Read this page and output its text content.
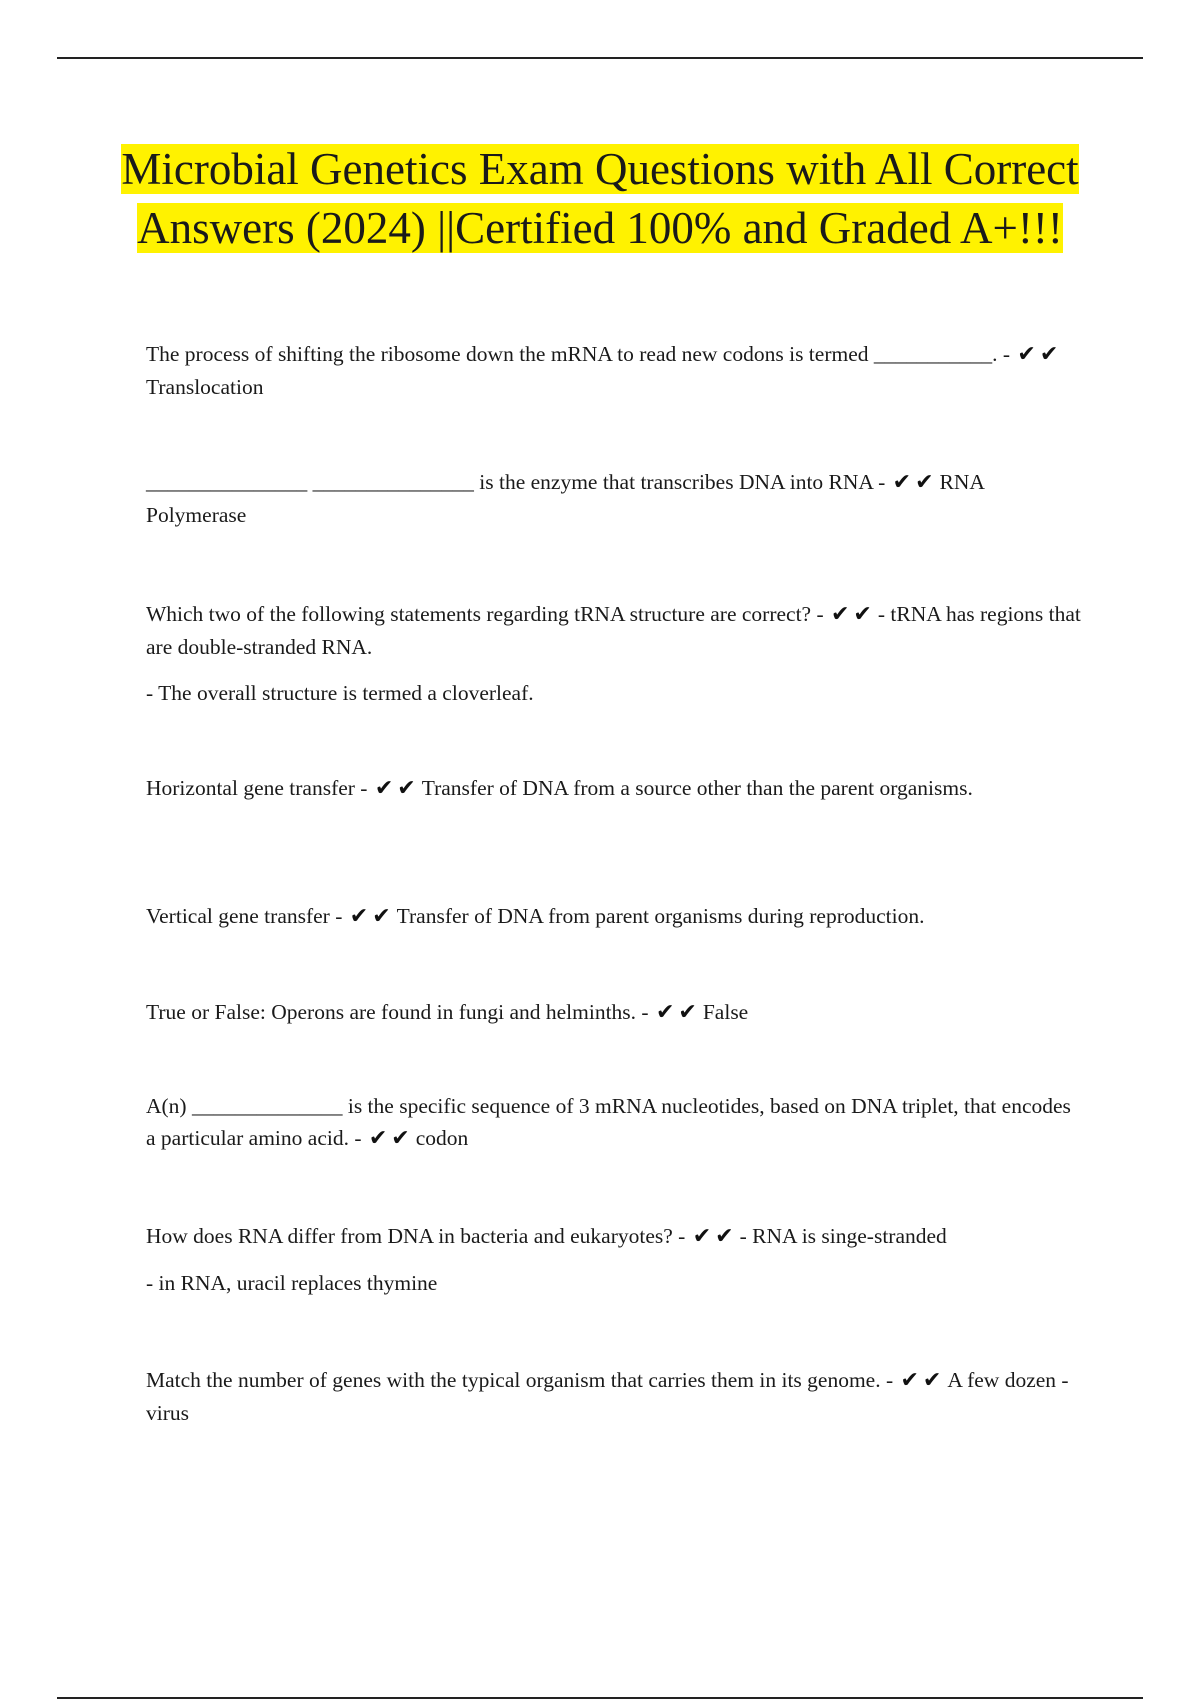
Microbial Genetics Exam Questions with All Correct Answers (2024) ||Certified 100% and Graded A+!!!

The process of shifting the ribosome down the mRNA to read new codons is termed ___________. - ✔✔Translocation

_______________ _______________ is the enzyme that transcribes DNA into RNA - ✔✔RNA Polymerase

Which two of the following statements regarding tRNA structure are correct? - ✔✔- tRNA has regions that are double-stranded RNA.

- The overall structure is termed a cloverleaf.

Horizontal gene transfer - ✔✔Transfer of DNA from a source other than the parent organisms.

Vertical gene transfer - ✔✔Transfer of DNA from parent organisms during reproduction.

True or False: Operons are found in fungi and helminths. - ✔✔False

A(n) ______________ is the specific sequence of 3 mRNA nucleotides, based on DNA triplet, that encodes a particular amino acid. - ✔✔codon

How does RNA differ from DNA in bacteria and eukaryotes? - ✔✔- RNA is singe-stranded

- in RNA, uracil replaces thymine

Match the number of genes with the typical organism that carries them in its genome. - ✔✔A few dozen - virus
